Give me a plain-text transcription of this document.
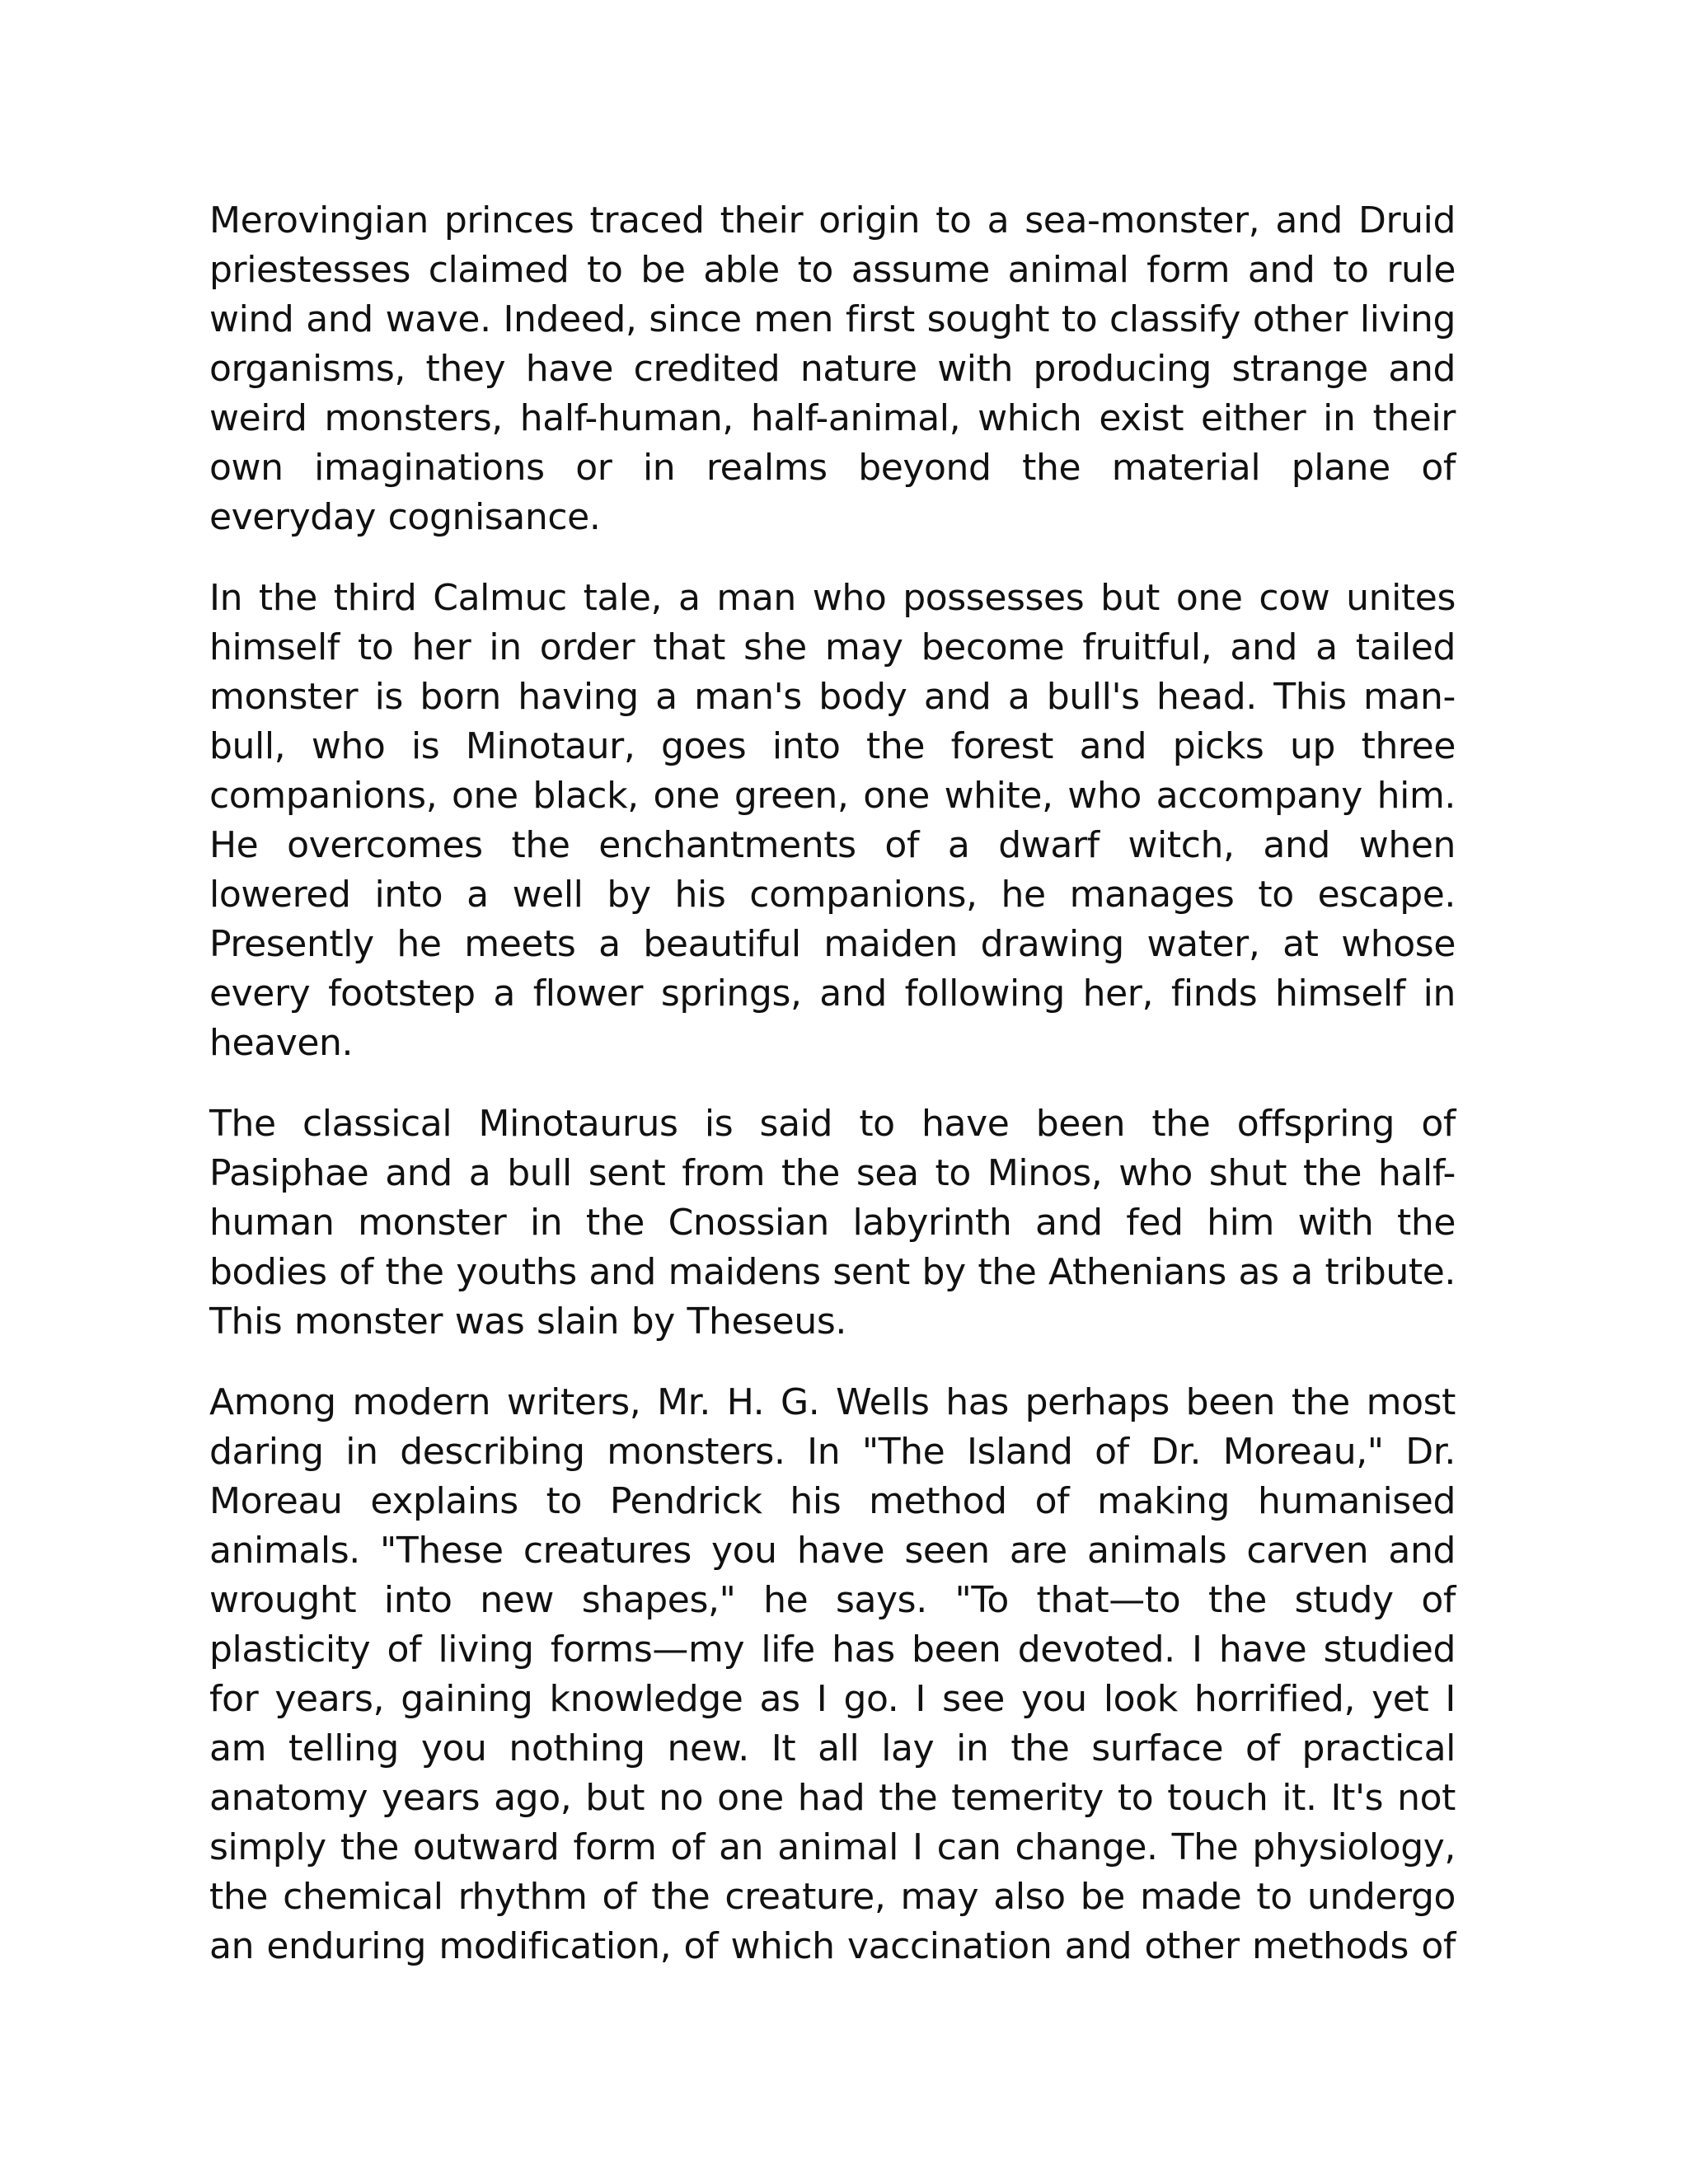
Merovingian princes traced their origin to a sea-monster, and Druid priestesses claimed to be able to assume animal form and to rule wind and wave. Indeed, since men first sought to classify other living organisms, they have credited nature with producing strange and weird monsters, half-human, half-animal, which exist either in their own imaginations or in realms beyond the material plane of everyday cognisance.

In the third Calmuc tale, a man who possesses but one cow unites himself to her in order that she may become fruitful, and a tailed monster is born having a man's body and a bull's head. This man-bull, who is Minotaur, goes into the forest and picks up three companions, one black, one green, one white, who accompany him. He overcomes the enchantments of a dwarf witch, and when lowered into a well by his companions, he manages to escape. Presently he meets a beautiful maiden drawing water, at whose every footstep a flower springs, and following her, finds himself in heaven.

The classical Minotaurus is said to have been the offspring of Pasiphae and a bull sent from the sea to Minos, who shut the half-human monster in the Cnossian labyrinth and fed him with the bodies of the youths and maidens sent by the Athenians as a tribute. This monster was slain by Theseus.

Among modern writers, Mr. H. G. Wells has perhaps been the most daring in describing monsters. In "The Island of Dr. Moreau," Dr. Moreau explains to Pendrick his method of making humanised animals. "These creatures you have seen are animals carven and wrought into new shapes," he says. "To that—to the study of plasticity of living forms—my life has been devoted. I have studied for years, gaining knowledge as I go. I see you look horrified, yet I am telling you nothing new. It all lay in the surface of practical anatomy years ago, but no one had the temerity to touch it. It's not simply the outward form of an animal I can change. The physiology, the chemical rhythm of the creature, may also be made to undergo an enduring modification, of which vaccination and other methods of
